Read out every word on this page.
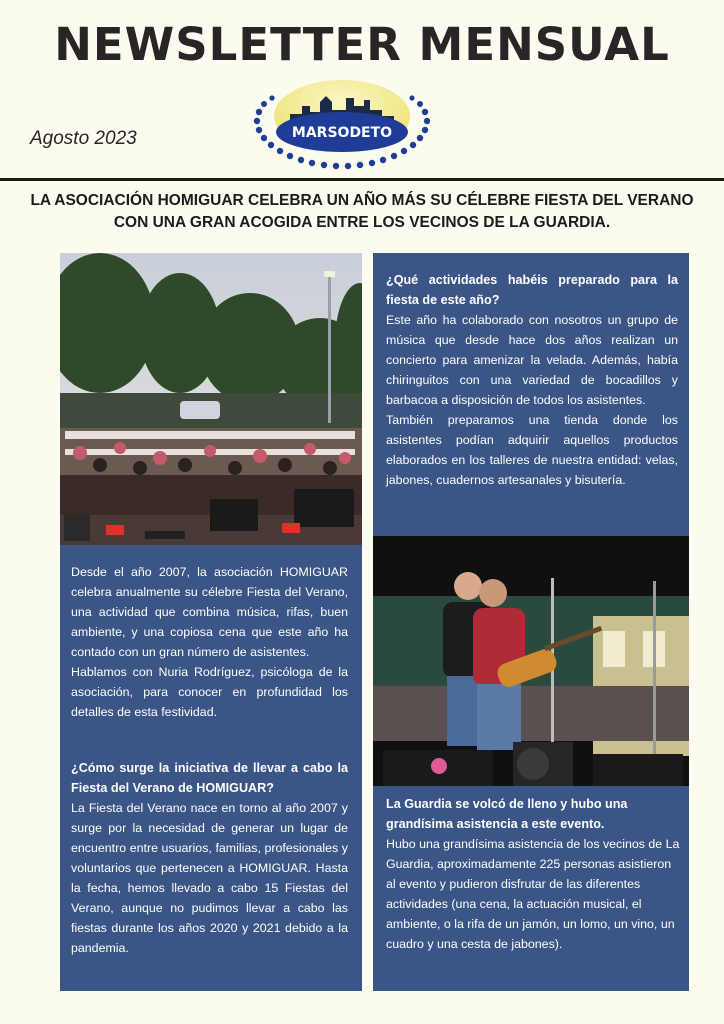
NEWSLETTER MENSUAL
Agosto 2023	MARSODETO
LA ASOCIACIÓN HOMIGUAR CELEBRA UN AÑO MÁS SU CÉLEBRE FIESTA DEL VERANO
CON UNA GRAN ACOGIDA ENTRE LOS VECINOS DE LA GUARDIA.

Desde el año 2007, la asociación HOMIGUAR celebra anualmente su célebre Fiesta del Verano, una actividad que combina música, rifas, buen ambiente, y una copiosa cena que este año ha contado con un gran número de asistentes.

Hablamos con Nuria Rodríguez, psicóloga de la asociación, para conocer en profundidad los detalles de esta festividad.

¿Cómo surge la iniciativa de llevar a cabo la Fiesta del Verano de HOMIGUAR?

La Fiesta del Verano nace en torno al año 2007 y surge por la necesidad de generar un lugar de encuentro entre usuarios, familias, profesionales y voluntarios que pertenecen a HOMIGUAR. Hasta la fecha, hemos llevado a cabo 15 Fiestas del Verano, aunque no pudimos llevar a cabo las fiestas durante los años 2020 y 2021 debido a la pandemia.

¿Qué actividades habéis preparado para la fiesta de este año?

Este año ha colaborado con nosotros un grupo de música que desde hace dos años realizan un concierto para amenizar la velada. Además, había chiringuitos con una variedad de bocadillos y barbacoa a disposición de todos los asistentes.

También preparamos una tienda donde los asistentes podían adquirir aquellos productos elaborados en los talleres de nuestra entidad: velas, jabones, cuadernos artesanales y bisutería.

La Guardia se volcó de lleno y hubo una grandísima asistencia a este evento.

Hubo una grandísima asistencia de los vecinos de La Guardia, aproximadamente 225 personas asistieron al evento y pudieron disfrutar de las diferentes actividades (una cena, la actuación musical, el ambiente, o la rifa de un jamón, un lomo, un vino, un cuadro y una cesta de jabones).
